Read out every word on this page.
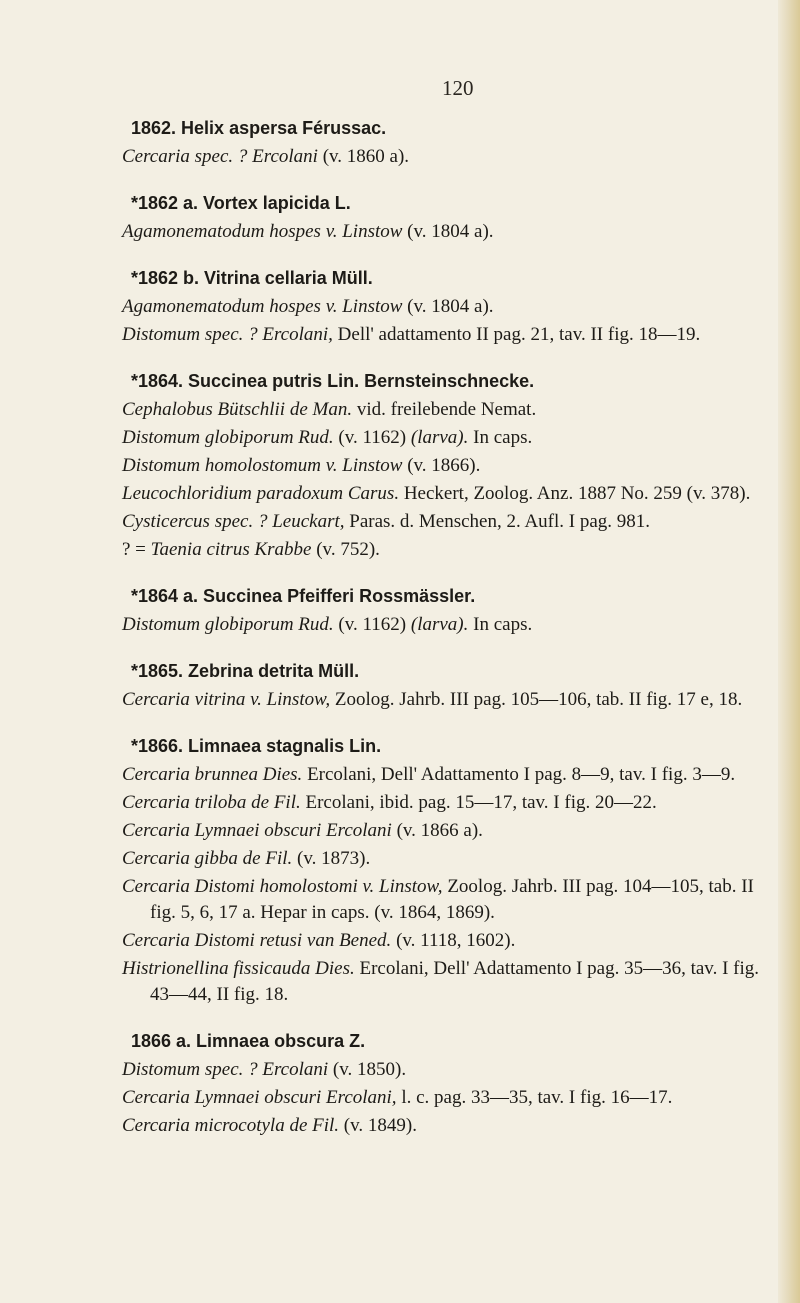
120

1862. Helix aspersa Férussac.

Cercaria spec. ? Ercolani (v. 1860 a).

*1862 a. Vortex lapicida L.

Agamonematodum hospes v. Linstow (v. 1804 a).

*1862 b. Vitrina cellaria Müll.

Agamonematodum hospes v. Linstow (v. 1804 a).

Distomum spec. ? Ercolani, Dell' adattamento II pag. 21, tav. II fig. 18—19.

*1864. Succinea putris Lin. Bernsteinschnecke.

Cephalobus Bütschlii de Man. vid. freilebende Nemat.

Distomum globiporum Rud. (v. 1162) (larva). In caps.

Distomum homolostomum v. Linstow (v. 1866).

Leucochloridium paradoxum Carus. Heckert, Zoolog. Anz. 1887 No. 259 (v. 378).

Cysticercus spec. ? Leuckart, Paras. d. Menschen, 2. Aufl. I pag. 981.

? = Taenia citrus Krabbe (v. 752).

*1864 a. Succinea Pfeifferi Rossmässler.

Distomum globiporum Rud. (v. 1162) (larva). In caps.

*1865. Zebrina detrita Müll.

Cercaria vitrina v. Linstow, Zoolog. Jahrb. III pag. 105—106, tab. II fig. 17 e, 18.

*1866. Limnaea stagnalis Lin.

Cercaria brunnea Dies. Ercolani, Dell' Adattamento I pag. 8—9, tav. I fig. 3—9.

Cercaria triloba de Fil. Ercolani, ibid. pag. 15—17, tav. I fig. 20—22.

Cercaria Lymnaei obscuri Ercolani (v. 1866 a).

Cercaria gibba de Fil. (v. 1873).

Cercaria Distomi homolostomi v. Linstow, Zoolog. Jahrb. III pag. 104—105, tab. II fig. 5, 6, 17 a. Hepar in caps. (v. 1864, 1869).

Cercaria Distomi retusi van Bened. (v. 1118, 1602).

Histrionellina fissicauda Dies. Ercolani, Dell' Adattamento I pag. 35—36, tav. I fig. 43—44, II fig. 18.

1866 a. Limnaea obscura Z.

Distomum spec. ? Ercolani (v. 1850).

Cercaria Lymnaei obscuri Ercolani, l. c. pag. 33—35, tav. I fig. 16—17.

Cercaria microcotyla de Fil. (v. 1849).
